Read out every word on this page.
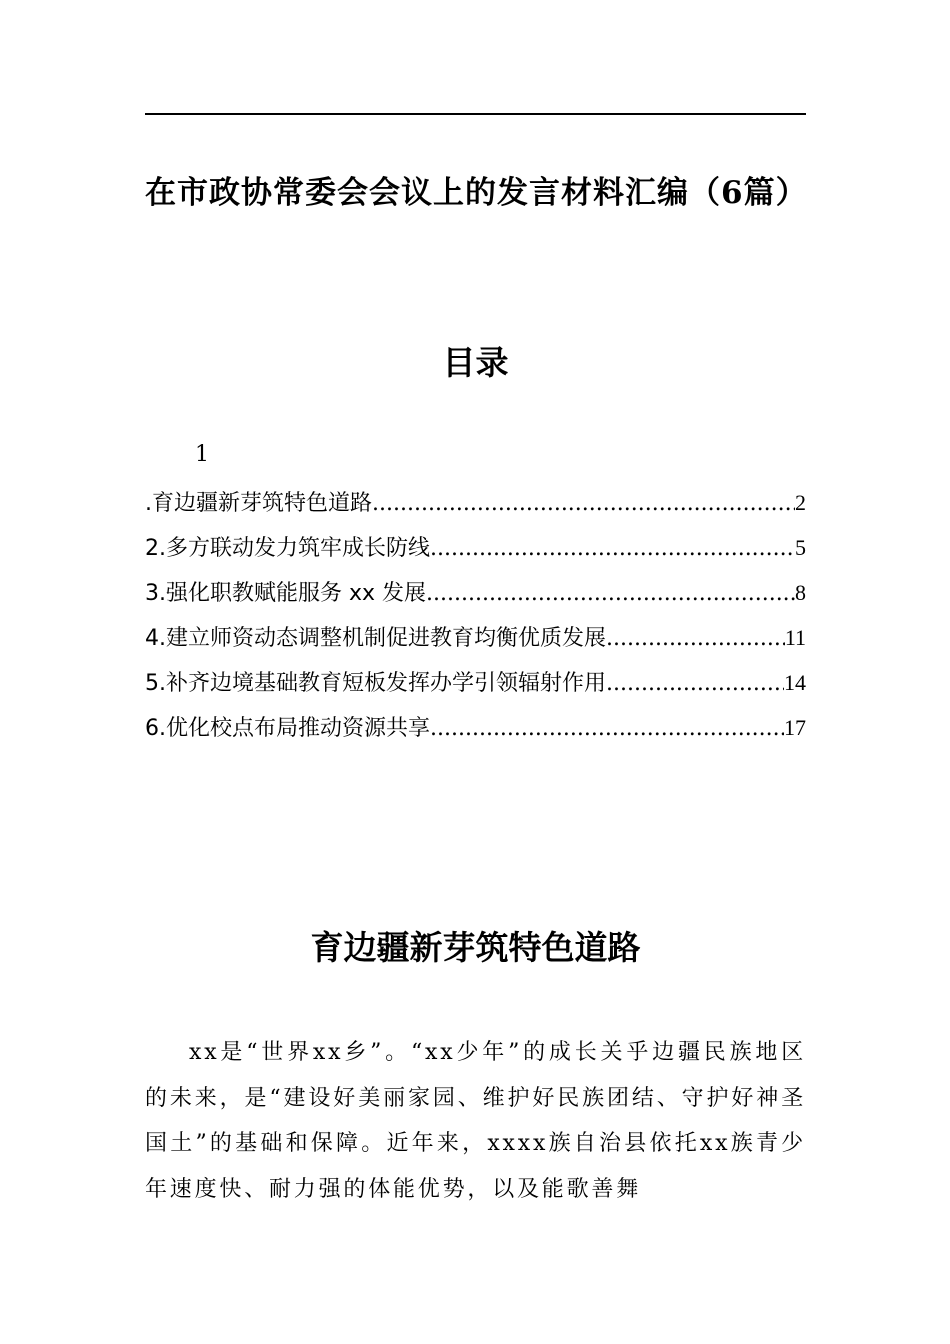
在市政协常委会会议上的发言材料汇编（6篇）
目录
1
.育边疆新芽筑特色道路 .....	2
2.多方联动发力筑牢成长防线 .....	5
3.强化职教赋能服务 xx 发展 .....	8
4.建立师资动态调整机制促进教育均衡优质发展 .....	11
5.补齐边境基础教育短板发挥办学引领辐射作用 .....	14
6.优化校点布局推动资源共享 .....	17
育边疆新芽筑特色道路

xx是“世界xx乡”。“xx少年”的成长关乎边疆民族地区的未来，是“建设好美丽家园、维护好民族团结、守护好神圣国土”的基础和保障。近年来，xxxx族自治县依托xx族青少年速度快、耐力强的体能优势，以及能歌善舞
